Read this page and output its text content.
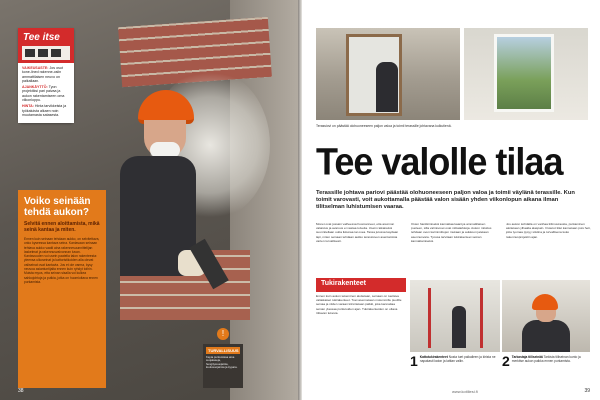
Tee itse

VAIKEUSASTE: Jos osut kone-lined rakenne-osiin ammattilaisen neuvo on paikallaan.

AJANKÄYTTÖ: Tyon projektiksi pari paivaa ja aukon rakentamiseen oma viikonloppu.

HINTA: Hinta tarvikkeista ja työkaluista alkaen noin muutamasta satasesta.

Voiko seinään tehdä aukon?

Selvitä ennen aloittamista, mikä seinä kantaa ja miten.

Ennen kuin seinaan tehdaan aukko, on selvitettava, onko kyseessa kantava seina. Kantavaan seinaan tehtava aukko vaatii aina rakennesuunnittelijan laskelmat ja rakennusvalvonnan luvan. Kantavuuden voi usein paatella talon rakenteesta: yleensa ulkoseinat ja kattoristikoiden alla olevat valiseinat ovat kantavia. Jos et ole varma, kysy neuvoa asiantuntijalta ennen kuin ryhdyt toihin. Muista myos, etta seinan sisalla voi kulkea sahkojohtoja ja putkia, jotka on huomioitava ennen purkamista.

!
TURVALLISUUS

Kayta purkutoissa aina suojalaseja, hengityssuojainta, kuulosuojaimia ja kypara.

38

Terassiovi on päästää olohuoneeseen paljon valoa ja toimii terassille johtavana kulkutienä.

Tee valolle tilaa

Terassille johtava pariovi päästää olohuoneeseen paljon valoa ja toimii väylänä terassille. Kun toimit varovasti, voit aukottamalla päästää valon sisään yhden viikonlopun aikana ilman tilitselman luhistumisen vaaraa.

Monet ovat jossain vaiheessa huomanneet, etta asunnon valaistus ja avaruus ei vastaa toiveita. Usein ratkaisuksi suunnitellaan uutta ikkunaa tai ovea. Tassa jutussa kaydaan lapi, miten seinaan tehdaan aukko terassioven asentamista varten turvallisesti.

Ovien hankkimiseksi kannattaa kaantya ammattilaisen puoleen, silla valmisovet ovat mittatarkkoja. Aukon mitoitus tehdaan oven karmimittojen mukaan ja aukkoon jatetaan asennusvara. Tyossa tarvitaan tukirakenteet seinan kannattamiseksi.

Jos aukon kohdalla on vanhaa tiilimuurausta, purkaminen aloitetaan ylhaalta alaspain. Irrotetut tiilet kannetaan pois heti, jotta tyomaa pysyy siistina ja turvallisena koko rakennusprojektin ajan.

Tukirakenteet

Ennen kuin aukon tekeminen aloitetaan, seinaan on tuettava valiaikaiset tukirakenteet. Tuet asennetaan molemmille puolille seinaa ja niiden varaan kiinnitetaan palkki, joka kannattaa seinan ylaosaa purkutoiden ajan. Tukirakenteiden on oltava riittavan tukevia.

1 Kattotukirakenteet Nosta tuet paikalleen ja kirista ne napakasti katon ja lattian valiin.	2 Tarkastaja tiiliseinää Tarkista tiiliseinan kunto ja merkitse aukon paikka ennen purkamista.
www.kotiliesi.fi	39
